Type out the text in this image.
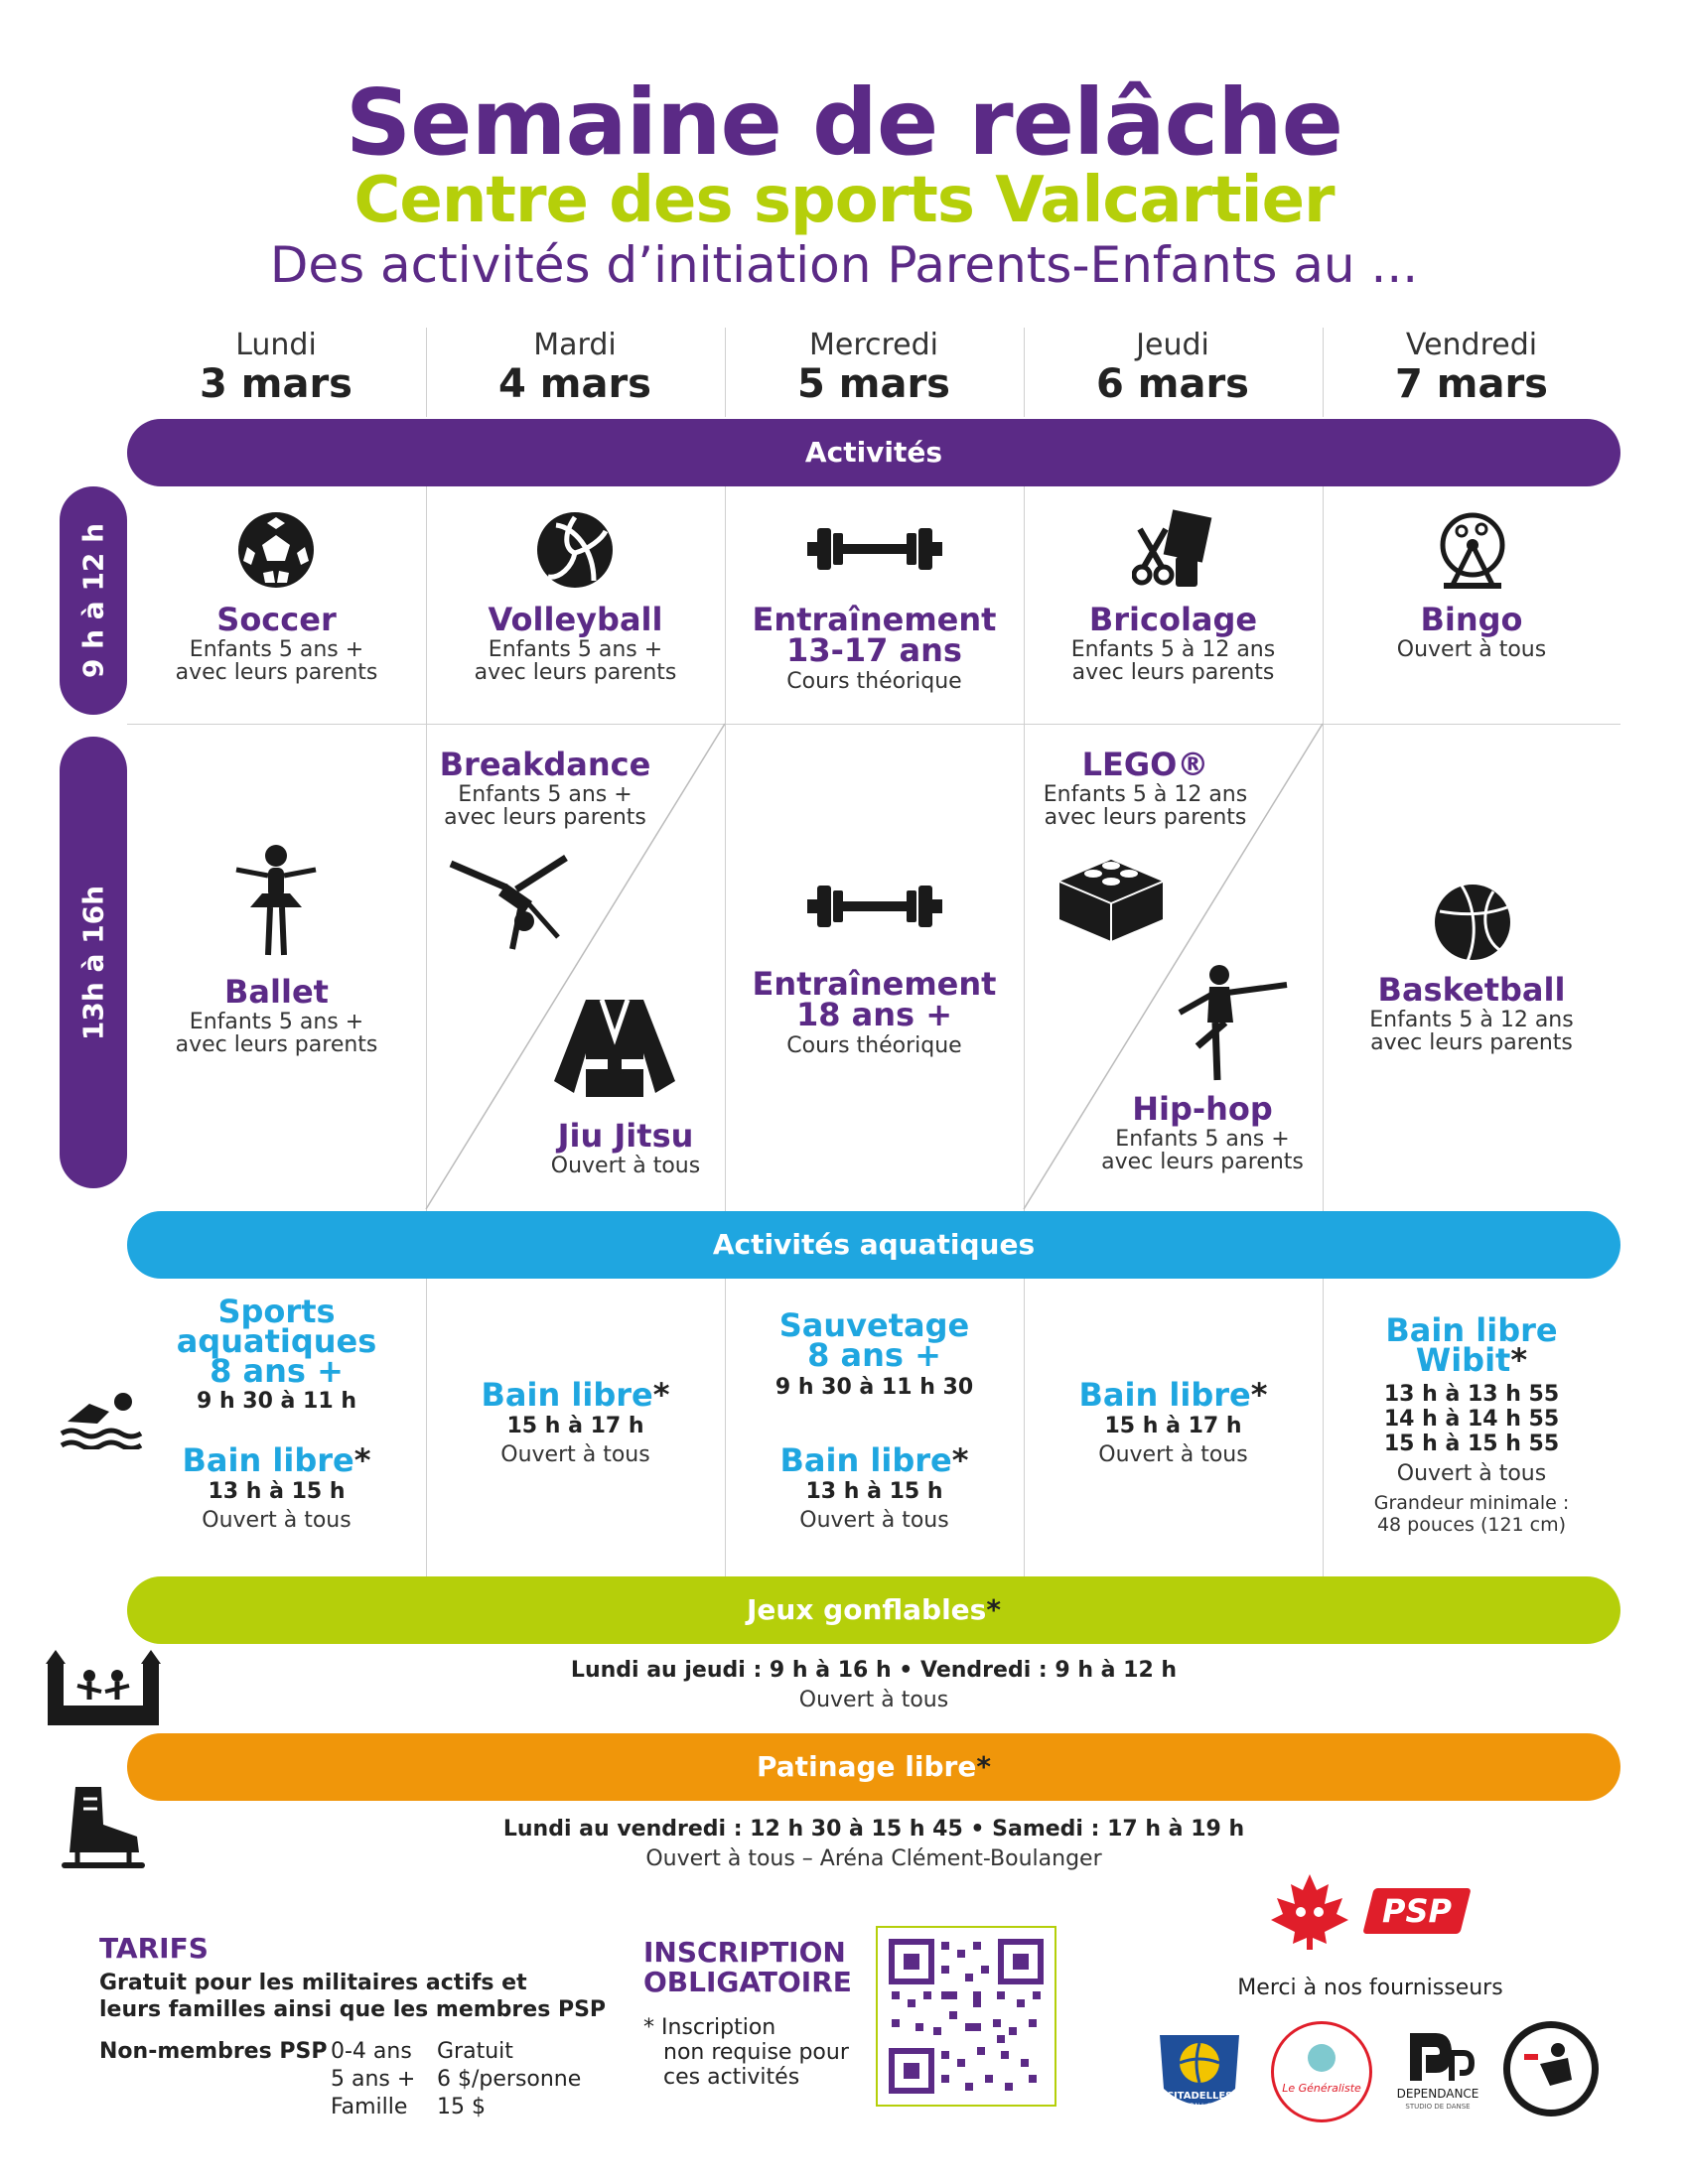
Semaine de relâche
Centre des sports Valcartier
Des activités d’initiation Parents-Enfants au ...
Lundi
3 mars
Mardi
4 mars
Mercredi
5 mars
Jeudi
6 mars
Vendredi
7 mars
Activités
9 h à 12 h
13h à 16h
Soccer
Enfants 5 ans +
avec leurs parents
Volleyball
Enfants 5 ans +
avec leurs parents
Entraînement
13-17 ans
Cours théorique
Bricolage
Enfants 5 à 12 ans
avec leurs parents
Bingo
Ouvert à tous
Ballet
Enfants 5 ans +
avec leurs parents
Breakdance
Enfants 5 ans +
avec leurs parents
Jiu Jitsu
Ouvert à tous
Entraînement
18 ans +
Cours théorique
LEGO®
Enfants 5 à 12 ans
avec leurs parents
Hip-hop
Enfants 5 ans +
avec leurs parents
Basketball
Enfants 5 à 12 ans
avec leurs parents
Activités aquatiques
Sports
aquatiques
8 ans +
9 h 30 à 11 h
Bain libre*
13 h à 15 h
Ouvert à tous
Bain libre*
15 h à 17 h
Ouvert à tous
Sauvetage
8 ans +
9 h 30 à 11 h 30
Bain libre*
13 h à 15 h
Ouvert à tous
Bain libre*
15 h à 17 h
Ouvert à tous
Bain libre
Wibit*
13 h à 13 h 55
14 h à 14 h 55
15 h à 15 h 55
Ouvert à tous
Grandeur minimale :
48 pouces (121 cm)
Jeux gonflables*
Lundi au jeudi : 9 h à 16 h • Vendredi : 9 h à 12 h
Ouvert à tous
Patinage libre*
Lundi au vendredi : 12 h 30 à 15 h 45 • Samedi : 17 h à 19 h
Ouvert à tous – Aréna Clément-Boulanger
TARIFS
Gratuit pour les militaires actifs et
leurs familles ainsi que les membres PSP
Non-membres PSP 0-4 ans Gratuit
5 ans + 6 $/personne
Famille 15 $
INSCRIPTION
OBLIGATOIRE
* Inscription
non requise pour
ces activités
PSP
Merci à nos fournisseurs
CITADELLES
VOLLEYBALL QUÉBEC
Le Généraliste	DEPENDANCE
STUDIO DE DANSE
